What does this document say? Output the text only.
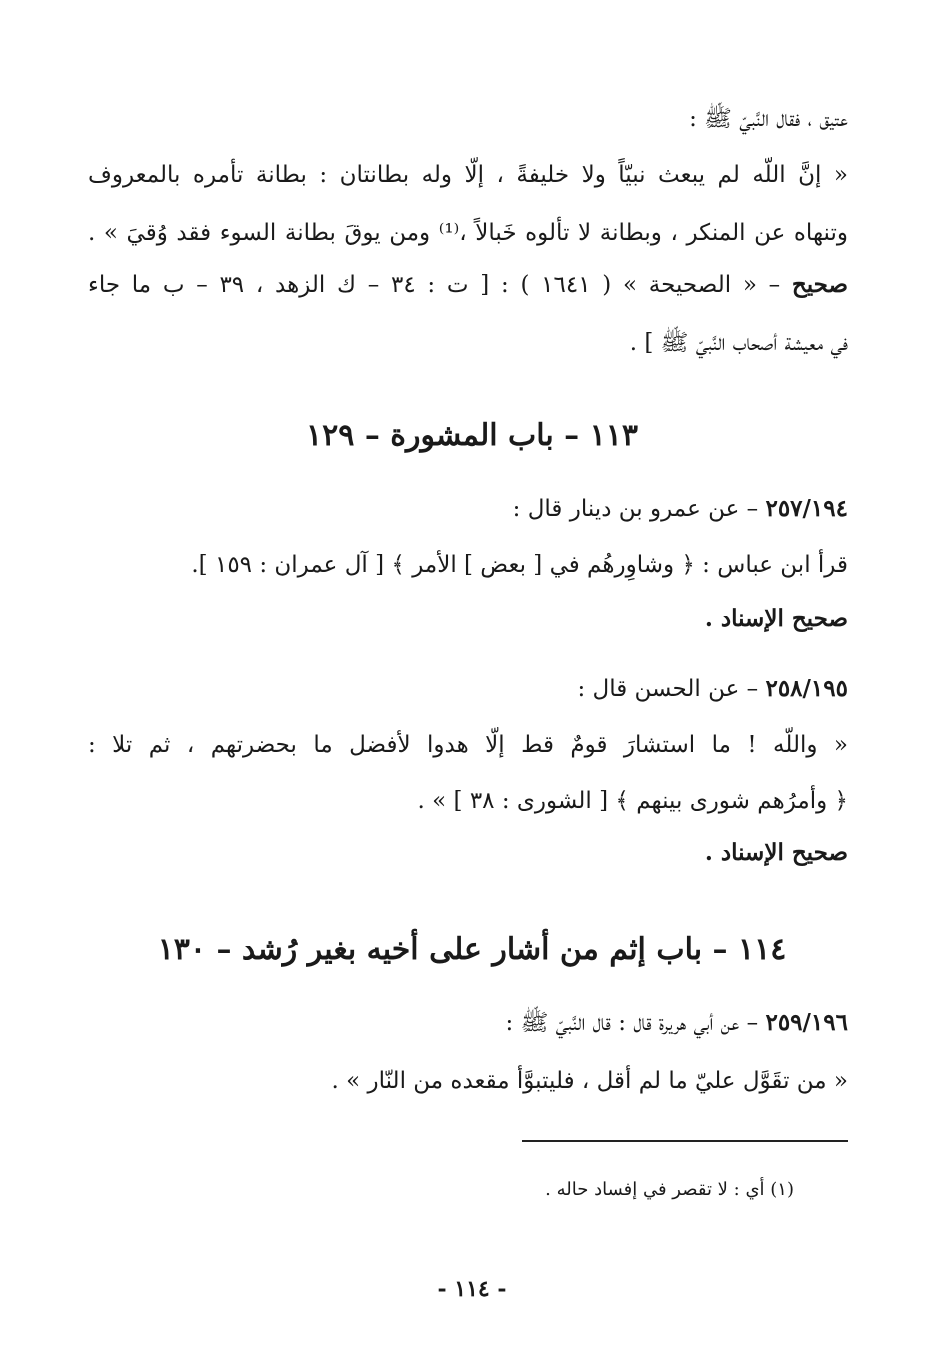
عتيق ، فقال النَّبيّ ﷺ :
« إنَّ اللّه لم يبعث نبيّاً ولا خليفةً ، إلّا وله بطانتان : بطانة تأمره بالمعروف
وتنهاه عن المنكر ، وبطانة لا تألوه خَبالاً ،⁽¹⁾ ومن يوقَ بطانة السوء فقد وُقيَ » .
صحيح – « الصحيحة » ( ١٦٤١ ) : [ ت : ٣٤ – ك الزهد ، ٣٩ – ب ما جاء
في معيشة أصحاب النَّبيّ ﷺ ] .
١١٣ – باب المشورة – ١٢٩
٢٥٧/١٩٤ – عن عمرو بن دينار قال :
قرأ ابن عباس : ﴿ وشاوِرهُم في [ بعض ] الأمر ﴾ [ آل عمران : ١٥٩ ].
صحيح الإسناد .
٢٥٨/١٩٥ – عن الحسن قال :
« واللّه ! ما استشارَ قومٌ قط إلّا هدوا لأفضل ما بحضرتهم ، ثم تلا :
﴿ وأمرُهم شورى بينهم ﴾ [ الشورى : ٣٨ ] » .
صحيح الإسناد .
١١٤ – باب إثم من أشار على أخيه بغير رُشد – ١٣٠
٢٥٩/١٩٦ – عن أبي هريرة قال : قال النَّبيّ ﷺ :
« من تقَوَّل عليّ ما لم أقل ، فليتبوَّأ مقعده من النّار » .
(١) أي : لا تقصر في إفساد حاله .
- ١١٤ -
